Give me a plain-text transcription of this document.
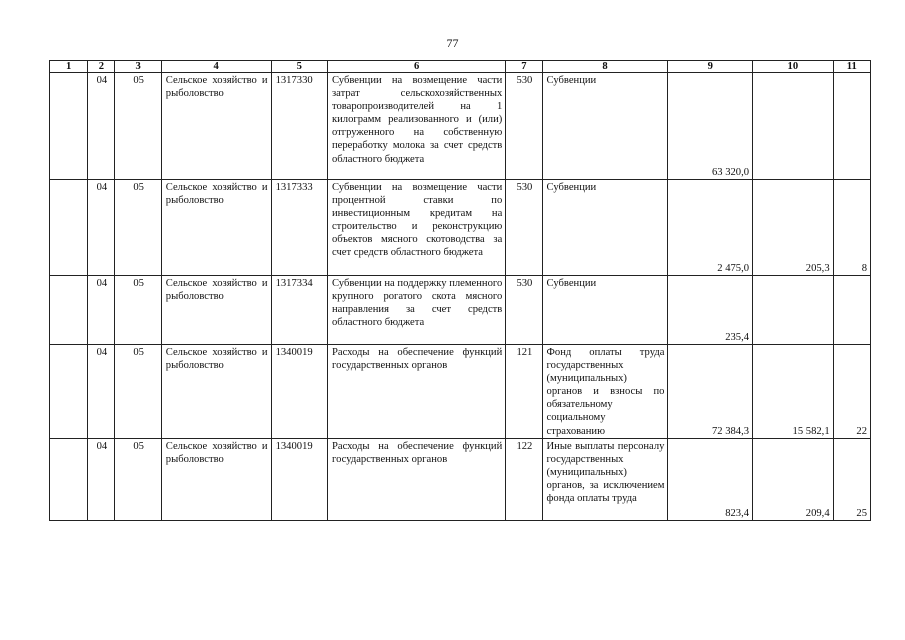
77
1	2	3	4	5	6	7	8	9	10	11
	04	05	Сельское хозяйство и рыболовство	1317330	Субвенции на возмещение части затрат сельскохозяйственных товаропроизводителей на 1 килограмм реализованного и (или) отгруженного на собственную переработку молока за счет средств областного бюджета	530	Субвенции	63 320,0		
	04	05	Сельское хозяйство и рыболовство	1317333	Субвенции на возмещение части процентной ставки по инвестиционным кредитам на строительство и реконструкцию объектов мясного скотоводства за счет средств областного бюджета	530	Субвенции	2 475,0	205,3	8
	04	05	Сельское хозяйство и рыболовство	1317334	Субвенции на поддержку племенного крупного рогатого скота мясного направления за счет средств областного бюджета	530	Субвенции	235,4		
	04	05	Сельское хозяйство и рыболовство	1340019	Расходы на обеспечение функций государственных органов	121	Фонд оплаты труда государственных (муниципальных) органов и взносы по обязательному социальному страхованию	72 384,3	15 582,1	22
	04	05	Сельское хозяйство и рыболовство	1340019	Расходы на обеспечение функций государственных органов	122	Иные выплаты персоналу государственных (муниципальных) органов, за исключением фонда оплаты труда	823,4	209,4	25
